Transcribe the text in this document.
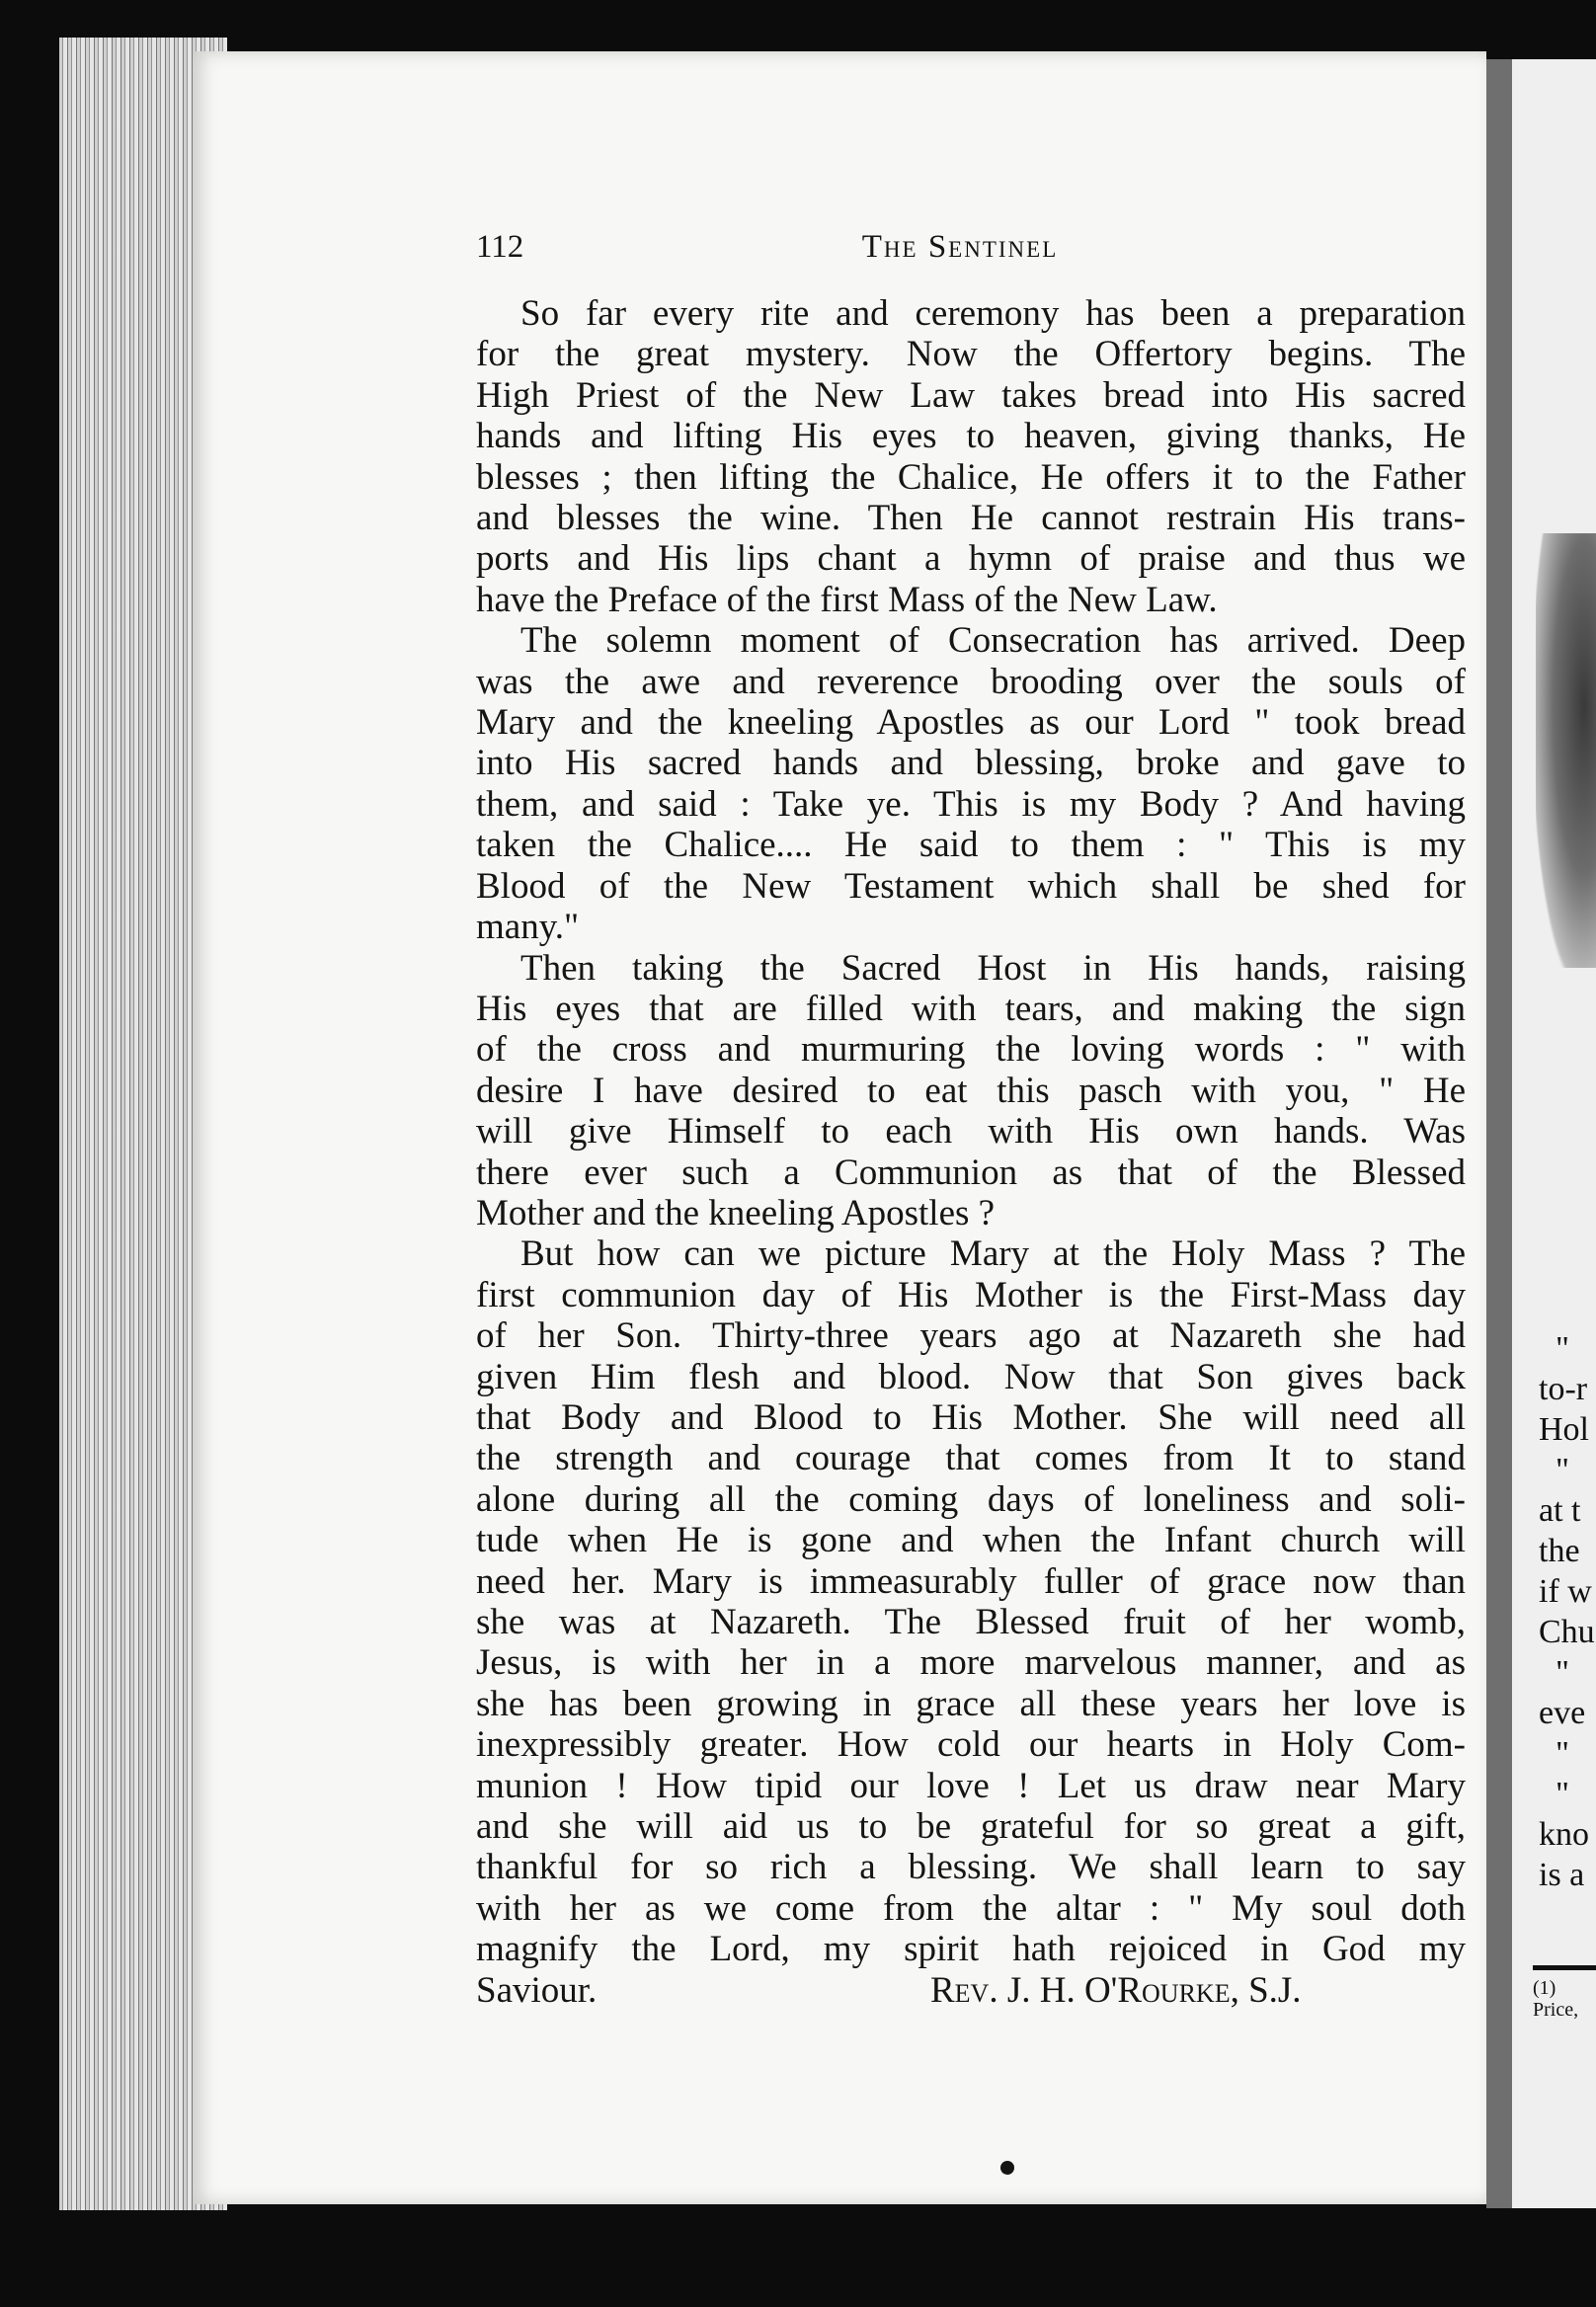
"
to-r
Hol
"
at t
the
if w
Chu
"
eve
"
"
kno
is a
(1)
Price,
112	The Sentinel
So far every rite and ceremony has been a preparation
for the great mystery. Now the Offertory begins. The
High Priest of the New Law takes bread into His sacred
hands and lifting His eyes to heaven, giving thanks, He
blesses ; then lifting the Chalice, He offers it to the Father
and blesses the wine. Then He cannot restrain His trans-
ports and His lips chant a hymn of praise and thus we
have the Preface of the first Mass of the New Law.
The solemn moment of Consecration has arrived. Deep
was the awe and reverence brooding over the souls of
Mary and the kneeling Apostles as our Lord " took bread
into His sacred hands and blessing, broke and gave to
them, and said : Take ye. This is my Body ? And having
taken the Chalice.... He said to them : " This is my
Blood of the New Testament which shall be shed for
many."
Then taking the Sacred Host in His hands, raising
His eyes that are filled with tears, and making the sign
of the cross and murmuring the loving words : " with
desire I have desired to eat this pasch with you, " He
will give Himself to each with His own hands. Was
there ever such a Communion as that of the Blessed
Mother and the kneeling Apostles ?
But how can we picture Mary at the Holy Mass ? The
first communion day of His Mother is the First-Mass day
of her Son. Thirty-three years ago at Nazareth she had
given Him flesh and blood. Now that Son gives back
that Body and Blood to His Mother. She will need all
the strength and courage that comes from It to stand
alone during all the coming days of loneliness and soli-
tude when He is gone and when the Infant church will
need her. Mary is immeasurably fuller of grace now than
she was at Nazareth. The Blessed fruit of her womb,
Jesus, is with her in a more marvelous manner, and as
she has been growing in grace all these years her love is
inexpressibly greater. How cold our hearts in Holy Com-
munion ! How tipid our love ! Let us draw near Mary
and she will aid us to be grateful for so great a gift,
thankful for so rich a blessing. We shall learn to say
with her as we come from the altar : " My soul doth
magnify the Lord, my spirit hath rejoiced in God my
Saviour.	Rev. J. H. O'Rourke, S.J.
